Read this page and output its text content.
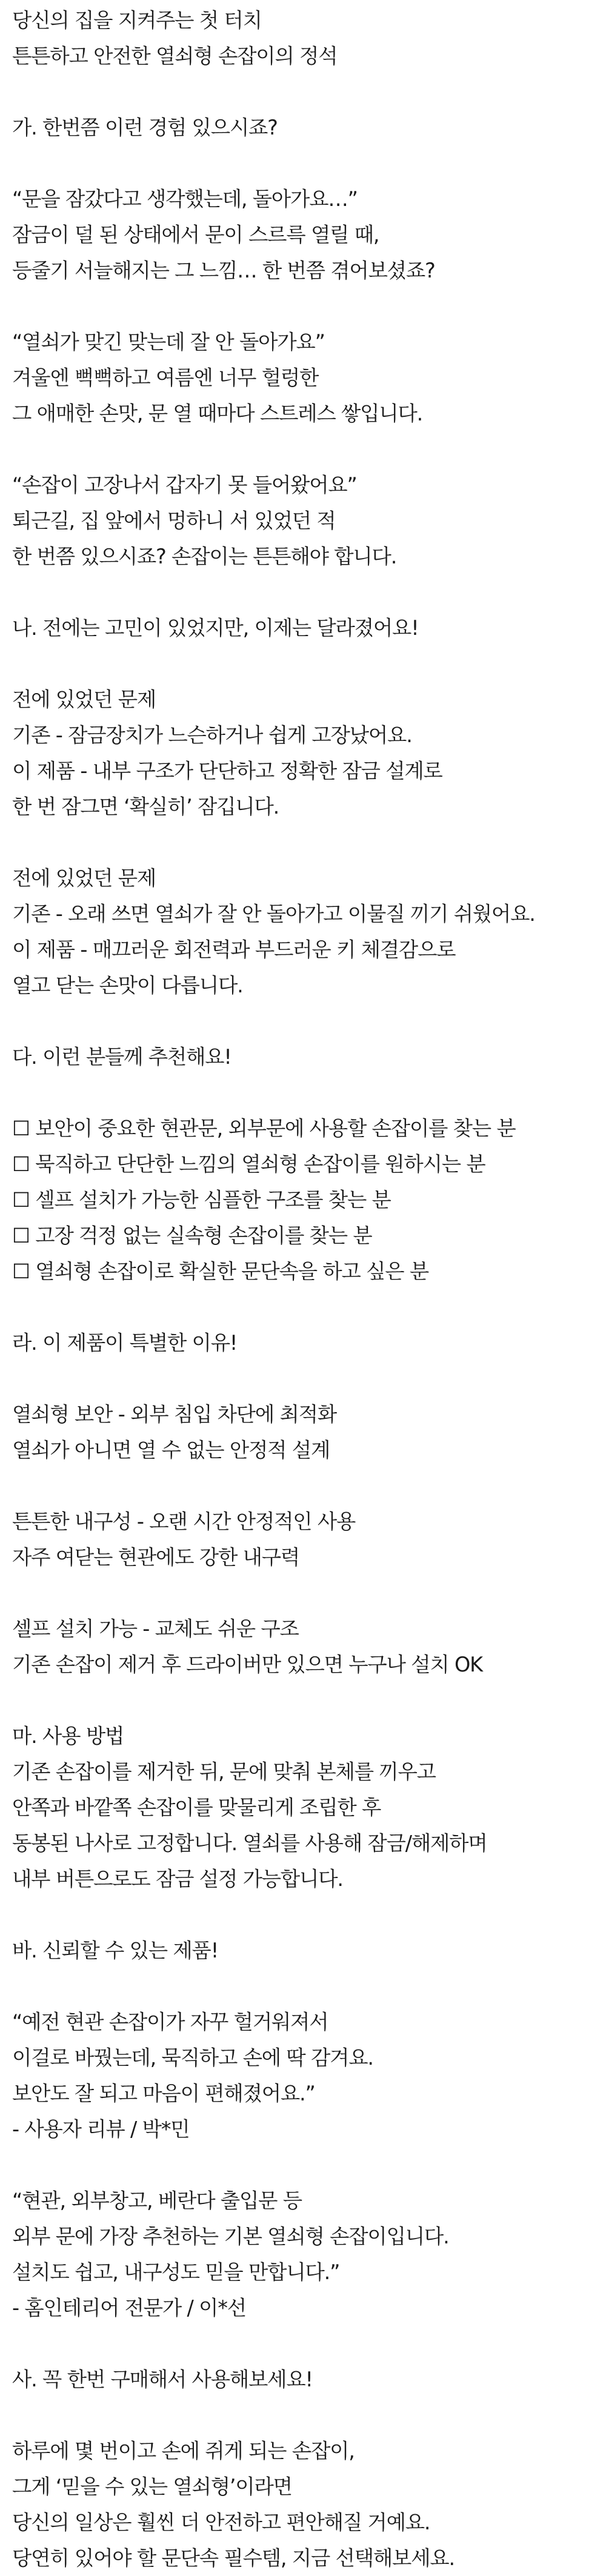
당신의 집을 지켜주는 첫 터치
튼튼하고 안전한 열쇠형 손잡이의 정석
가. 한번쯤 이런 경험 있으시죠?
“문을 잠갔다고 생각했는데, 돌아가요…”
잠금이 덜 된 상태에서 문이 스르륵 열릴 때,
등줄기 서늘해지는 그 느낌… 한 번쯤 겪어보셨죠?
“열쇠가 맞긴 맞는데 잘 안 돌아가요”
겨울엔 뻑뻑하고 여름엔 너무 헐렁한
그 애매한 손맛, 문 열 때마다 스트레스 쌓입니다.
“손잡이 고장나서 갑자기 못 들어왔어요”
퇴근길, 집 앞에서 멍하니 서 있었던 적
한 번쯤 있으시죠? 손잡이는 튼튼해야 합니다.
나. 전에는 고민이 있었지만, 이제는 달라졌어요!
전에 있었던 문제
기존 - 잠금장치가 느슨하거나 쉽게 고장났어요.
이 제품 - 내부 구조가 단단하고 정확한 잠금 설계로
한 번 잠그면 ‘확실히’ 잠깁니다.
전에 있었던 문제
기존 - 오래 쓰면 열쇠가 잘 안 돌아가고 이물질 끼기 쉬웠어요.
이 제품 - 매끄러운 회전력과 부드러운 키 체결감으로
열고 닫는 손맛이 다릅니다.
다. 이런 분들께 추천해요!
☐ 보안이 중요한 현관문, 외부문에 사용할 손잡이를 찾는 분
☐ 묵직하고 단단한 느낌의 열쇠형 손잡이를 원하시는 분
☐ 셀프 설치가 가능한 심플한 구조를 찾는 분
☐ 고장 걱정 없는 실속형 손잡이를 찾는 분
☐ 열쇠형 손잡이로 확실한 문단속을 하고 싶은 분
라. 이 제품이 특별한 이유!
열쇠형 보안 - 외부 침입 차단에 최적화
열쇠가 아니면 열 수 없는 안정적 설계
튼튼한 내구성 - 오랜 시간 안정적인 사용
자주 여닫는 현관에도 강한 내구력
셀프 설치 가능 - 교체도 쉬운 구조
기존 손잡이 제거 후 드라이버만 있으면 누구나 설치 OK
마. 사용 방법
기존 손잡이를 제거한 뒤, 문에 맞춰 본체를 끼우고
안쪽과 바깥쪽 손잡이를 맞물리게 조립한 후
동봉된 나사로 고정합니다. 열쇠를 사용해 잠금/해제하며
내부 버튼으로도 잠금 설정 가능합니다.
바. 신뢰할 수 있는 제품!
“예전 현관 손잡이가 자꾸 헐거워져서
이걸로 바꿨는데, 묵직하고 손에 딱 감겨요.
보안도 잘 되고 마음이 편해졌어요.”
- 사용자 리뷰 / 박*민
“현관, 외부창고, 베란다 출입문 등
외부 문에 가장 추천하는 기본 열쇠형 손잡이입니다.
설치도 쉽고, 내구성도 믿을 만합니다.”
- 홈인테리어 전문가 / 이*선
사. 꼭 한번 구매해서 사용해보세요!
하루에 몇 번이고 손에 쥐게 되는 손잡이,
그게 ‘믿을 수 있는 열쇠형’이라면
당신의 일상은 훨씬 더 안전하고 편안해질 거예요.
당연히 있어야 할 문단속 필수템, 지금 선택해보세요.
